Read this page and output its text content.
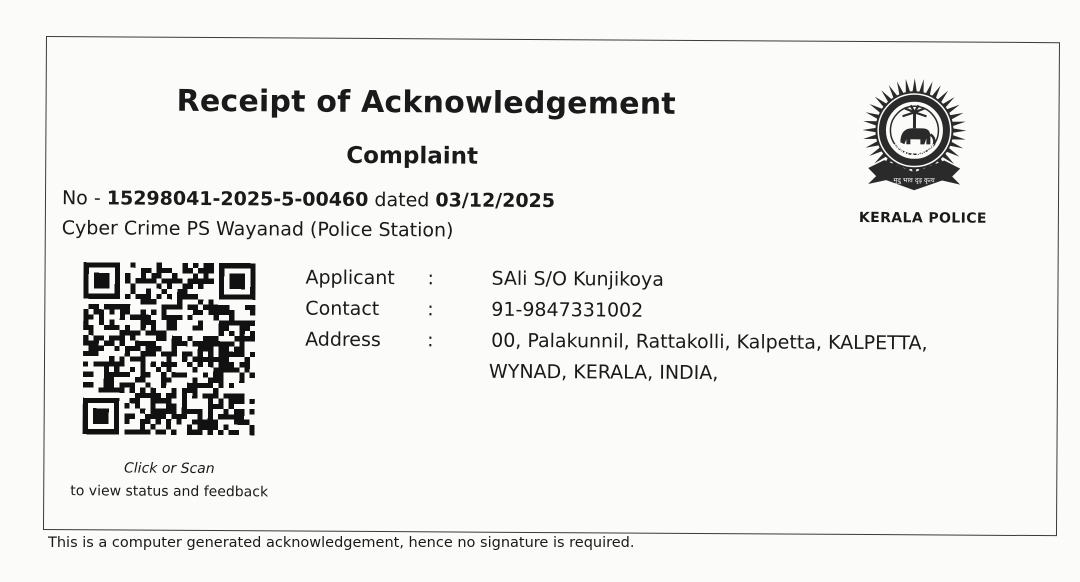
Receipt of Acknowledgement
Complaint
No - 15298041-2025-5-00460 dated 03/12/2025
Cyber Crime PS Wayanad (Police Station)
Click or Scan
to view status and feedback
Applicant :	SAli S/O Kunjikoya
Contact	:	91-9847331002
Address :	00, Palakunnil, Rattakolli, Kalpetta, KALPETTA,
WYNAD, KERALA, INDIA,
मृदु भाव दृढ़ कृत्य
KERALA POLICE
KERALA POLICE
This is a computer generated acknowledgement, hence no signature is required.
